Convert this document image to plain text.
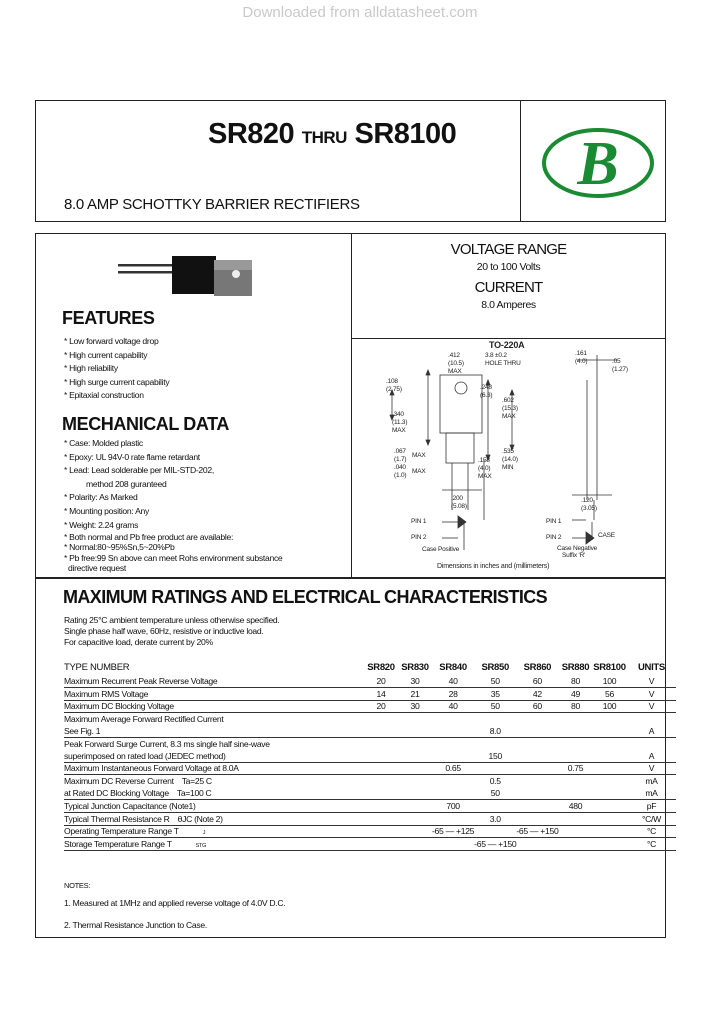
Downloaded from alldatasheet.com
SR820 THRU SR8100
8.0 AMP SCHOTTKY BARRIER RECTIFIERS
B
FEATURES
* Low forward voltage drop
* High current capability
* High reliability
* High surge current capability
* Epitaxial construction
MECHANICAL DATA
* Case: Molded plastic
* Epoxy: UL 94V-0 rate flame retardant
* Lead: Lead solderable per MIL-STD-202,
method 208 guranteed
* Polarity: As Marked
* Mounting position: Any
* Weight: 2.24 grams
* Both normal and Pb free product are available:
* Normal:80~95%Sn,5~20%Pb
* Pb free:99 Sn above can meet Rohs environment substance
directive request
VOLTAGE RANGE
20 to 100 Volts
CURRENT
8.0 Amperes
TO-220A
.412
(10.5)
MAX
3.8 ±0.2
HOLE THRU
.161
(4.0)	.05
(1.27)
.108
(2.75)	.248
(6.3)
.602
(15.3)
MAX
.340
(11.3)
MAX
.067
(1.7)
MAX
.040
(1.0)
MAX
.158
(4.0)
MAX
.535
(14.0)
MIN
.200
(5.08)
.120
(3.05)
PIN 1
PIN 2
Case Positive
PIN 1
PIN 2	CASE
Case Negative
Suffix 'R'
Dimensions in inches and (millimeters)
MAXIMUM RATINGS AND ELECTRICAL CHARACTERISTICS
Rating 25°C ambient temperature unless otherwise specified.
Single phase half wave, 60Hz, resistive or inductive load.
For capacitive load, derate current by 20%
TYPE NUMBER	SR820	SR830	SR840	SR850	SR860	SR880	SR8100	UNITS
Maximum Recurrent Peak Reverse Voltage	20	30	40	50	60	80	100	V
Maximum RMS Voltage	14	21	28	35	42	49	56	V
Maximum DC Blocking Voltage	20	30	40	50	60	80	100	V
Maximum Average Forward Rectified Current								
See Fig. 1				8.0				A
Peak Forward Surge Current, 8.3 ms single half sine-wave								
superimposed on rated load (JEDEC method)				150				A
Maximum Instantaneous Forward Voltage at 8.0A			0.65			0.75		V
Maximum DC Reverse Current Ta=25 C				0.5				mA
at Rated DC Blocking Voltage Ta=100 C				50				mA
Typical Junction Capacitance (Note1)			700			480		pF
Typical Thermal Resistance R θJC (Note 2)				3.0				°C/W
Operating Temperature Range T J			-65 — +125		-65 — +150			°C
Storage Temperature Range T STG				-65 — +150				°C
NOTES:
1. Measured at 1MHz and applied reverse voltage of 4.0V D.C.
2. Thermal Resistance Junction to Case.
